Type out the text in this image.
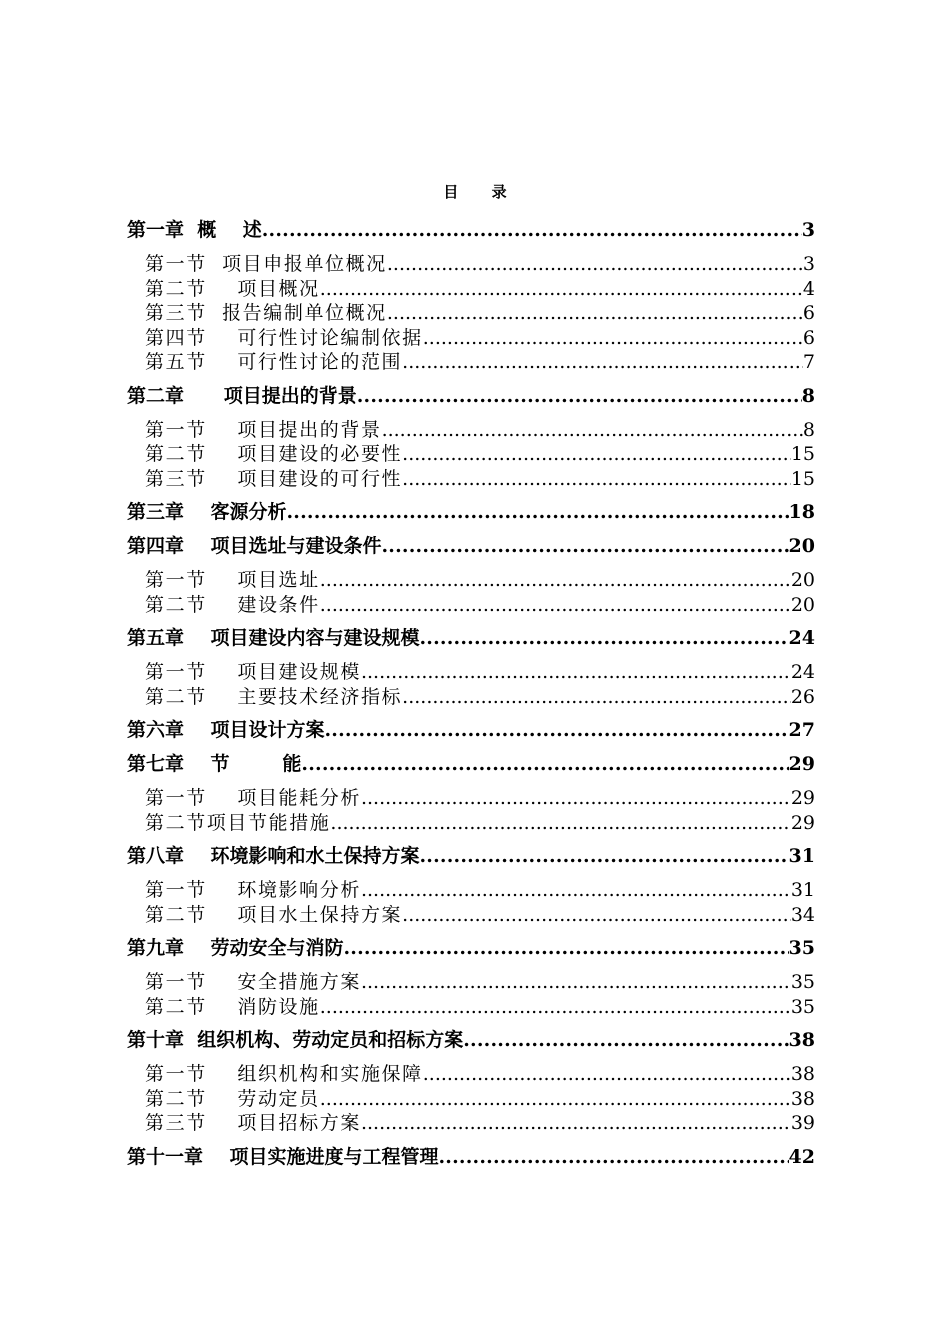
目 录
第一章  概    述 .....	3
第一节  项目申报单位概况 .....	3
第二节    项目概况 .....	4
第三节  报告编制单位概况 .....	6
第四节    可行性讨论编制依据 .....	6
第五节    可行性讨论的范围 .....	7
第二章      项目提出的背景 .....	8
第一节    项目提出的背景 .....	8
第二节    项目建设的必要性 .....	15
第三节    项目建设的可行性 .....	15
第三章    客源分析 .....	18
第四章    项目选址与建设条件 .....	20
第一节    项目选址 .....	20
第二节    建设条件 .....	20
第五章    项目建设内容与建设规模 .....	24
第一节    项目建设规模 .....	24
第二节    主要技术经济指标 .....	26
第六章    项目设计方案 .....	27
第七章    节        能 .....	29
第一节    项目能耗分析 .....	29
第二节项目节能措施 .....	29
第八章    环境影响和水土保持方案 .....	31
第一节    环境影响分析 .....	31
第二节    项目水土保持方案 .....	34
第九章    劳动安全与消防 .....	35
第一节    安全措施方案 .....	35
第二节    消防设施 .....	35
第十章  组织机构、劳动定员和招标方案 .....	38
第一节    组织机构和实施保障 .....	38
第二节    劳动定员 .....	38
第三节    项目招标方案 .....	39
第十一章    项目实施进度与工程管理 .....	42
